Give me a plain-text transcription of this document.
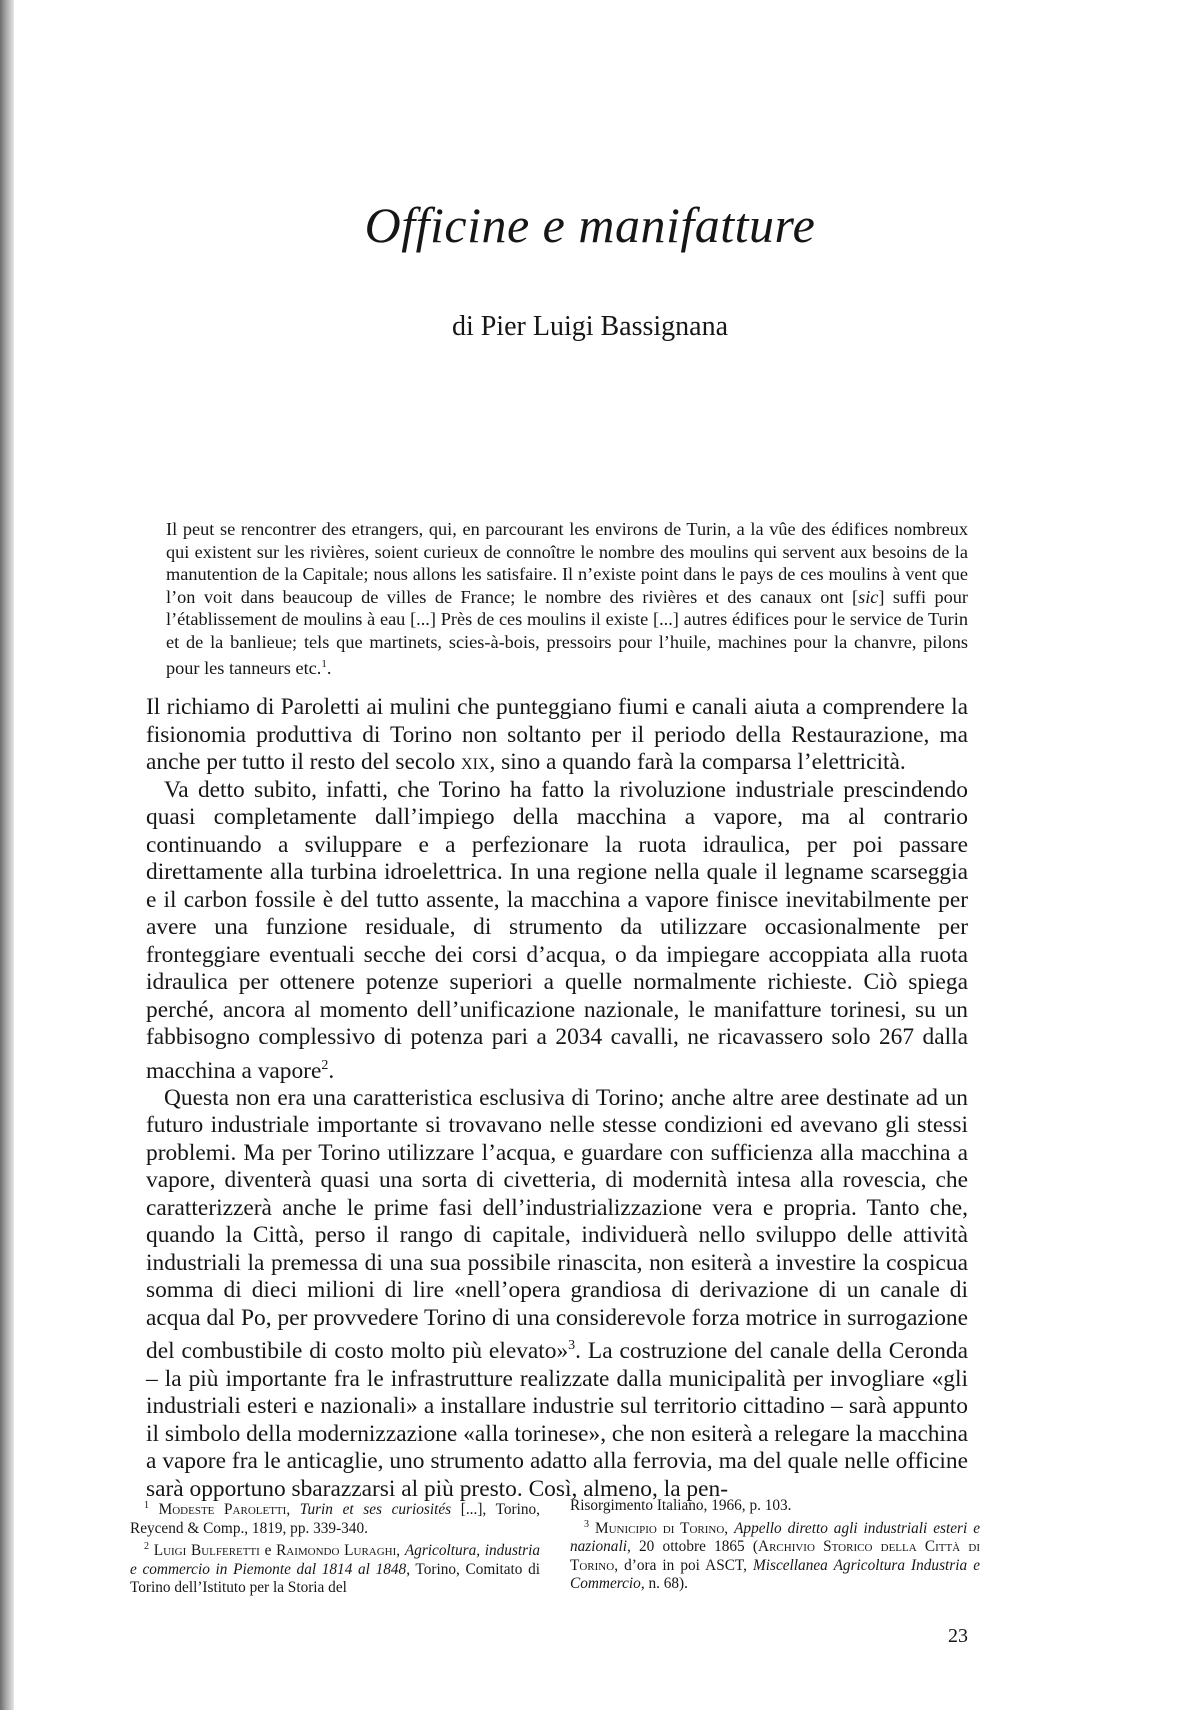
Officine e manifatture
di Pier Luigi Bassignana
Il peut se rencontrer des etrangers, qui, en parcourant les environs de Turin, a la vûe des édifices nombreux qui existent sur les rivières, soient curieux de connoître le nombre des moulins qui servent aux besoins de la manutention de la Capitale; nous allons les satisfaire. Il n’existe point dans le pays de ces moulins à vent que l’on voit dans beaucoup de villes de France; le nombre des rivières et des canaux ont [sic] suffi pour l’établissement de moulins à eau [...] Près de ces moulins il existe [...] autres édifices pour le service de Turin et de la banlieue; tels que martinets, scies-à-bois, pressoirs pour l’huile, machines pour la chanvre, pilons pour les tanneurs etc.$^1$.

Il richiamo di Paroletti ai mulini che punteggiano fiumi e canali aiuta a comprendere la fisionomia produttiva di Torino non soltanto per il periodo della Restaurazione, ma anche per tutto il resto del secolo xix, sino a quando farà la comparsa l’elettricità.

Va detto subito, infatti, che Torino ha fatto la rivoluzione industriale prescindendo quasi completamente dall’impiego della macchina a vapore, ma al contrario continuando a sviluppare e a perfezionare la ruota idraulica, per poi passare direttamente alla turbina idroelettrica. In una regione nella quale il legname scarseggia e il carbon fossile è del tutto assente, la macchina a vapore finisce inevitabilmente per avere una funzione residuale, di strumento da utilizzare occasionalmente per fronteggiare eventuali secche dei corsi d’acqua, o da impiegare accoppiata alla ruota idraulica per ottenere potenze superiori a quelle normalmente richieste. Ciò spiega perché, ancora al momento dell’unificazione nazionale, le manifatture torinesi, su un fabbisogno complessivo di potenza pari a 2034 cavalli, ne ricavassero solo 267 dalla macchina a vapore$^2$.

Questa non era una caratteristica esclusiva di Torino; anche altre aree destinate ad un futuro industriale importante si trovavano nelle stesse condizioni ed avevano gli stessi problemi. Ma per Torino utilizzare l’acqua, e guardare con sufficienza alla macchina a vapore, diventerà quasi una sorta di civetteria, di modernità intesa alla rovescia, che caratterizzerà anche le prime fasi dell’industrializzazione vera e propria. Tanto che, quando la Città, perso il rango di capitale, individuerà nello sviluppo delle attività industriali la premessa di una sua possibile rinascita, non esiterà a investire la cospicua somma di dieci milioni di lire «nell’opera grandiosa di derivazione di un canale di acqua dal Po, per provvedere Torino di una considerevole forza motrice in surrogazione del combustibile di costo molto più elevato»$^3$. La costruzione del canale della Ceronda – la più importante fra le infrastrutture realizzate dalla municipalità per invogliare «gli industriali esteri e nazionali» a installare industrie sul territorio cittadino – sarà appunto il simbolo della modernizzazione «alla torinese», che non esiterà a relegare la macchina a vapore fra le anticaglie, uno strumento adatto alla ferrovia, ma del quale nelle officine sarà opportuno sbarazzarsi al più presto. Così, almeno, la pen-

$^1$ Modeste Paroletti, Turin et ses curiosités [...], Torino, Reycend & Comp., 1819, pp. 339-340.

$^2$ Luigi Bulferetti e Raimondo Luraghi, Agricoltura, industria e commercio in Piemonte dal 1814 al 1848, Torino, Comitato di Torino dell’Istituto per la Storia del

Risorgimento Italiano, 1966, p. 103.

$^3$ Municipio di Torino, Appello diretto agli industriali esteri e nazionali, 20 ottobre 1865 (Archivio Storico della Città di Torino, d’ora in poi ASCT, Miscellanea Agricoltura Industria e Commercio, n. 68).

23
